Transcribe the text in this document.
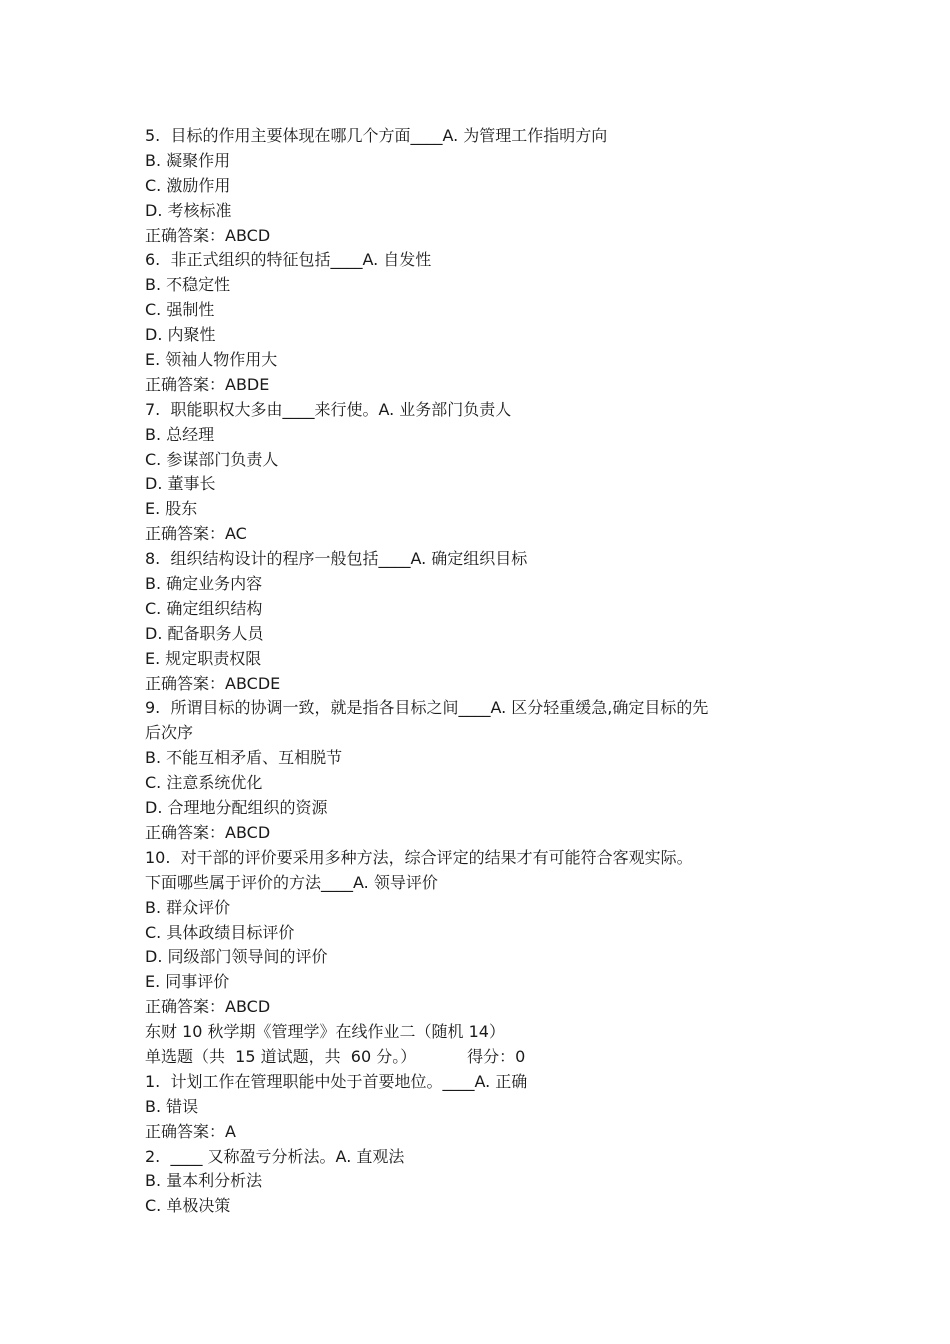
5.  目标的作用主要体现在哪几个方面____A. 为管理工作指明方向
B. 凝聚作用
C. 激励作用
D. 考核标准
正确答案：ABCD
6.  非正式组织的特征包括____A. 自发性
B. 不稳定性
C. 强制性
D. 内聚性
E. 领袖人物作用大
正确答案：ABDE
7.  职能职权大多由____来行使。A. 业务部门负责人
B. 总经理
C. 参谋部门负责人
D. 董事长
E. 股东
正确答案：AC
8.  组织结构设计的程序一般包括____A. 确定组织目标
B. 确定业务内容
C. 确定组织结构
D. 配备职务人员
E. 规定职责权限
正确答案：ABCDE
9.  所谓目标的协调一致，就是指各目标之间____A. 区分轻重缓急,确定目标的先
后次序
B. 不能互相矛盾、互相脱节
C. 注意系统优化
D. 合理地分配组织的资源
正确答案：ABCD
10.  对干部的评价要采用多种方法，综合评定的结果才有可能符合客观实际。
下面哪些属于评价的方法____A. 领导评价
B. 群众评价
C. 具体政绩目标评价
D. 同级部门领导间的评价
E. 同事评价
正确答案：ABCD
东财 10 秋学期《管理学》在线作业二（随机 14）
单选题（共  15 道试题，共  60 分。）          得分：0
1.  计划工作在管理职能中处于首要地位。____A. 正确
B. 错误
正确答案：A
2.  ____ 又称盈亏分析法。A. 直观法
B. 量本利分析法
C. 单极决策
